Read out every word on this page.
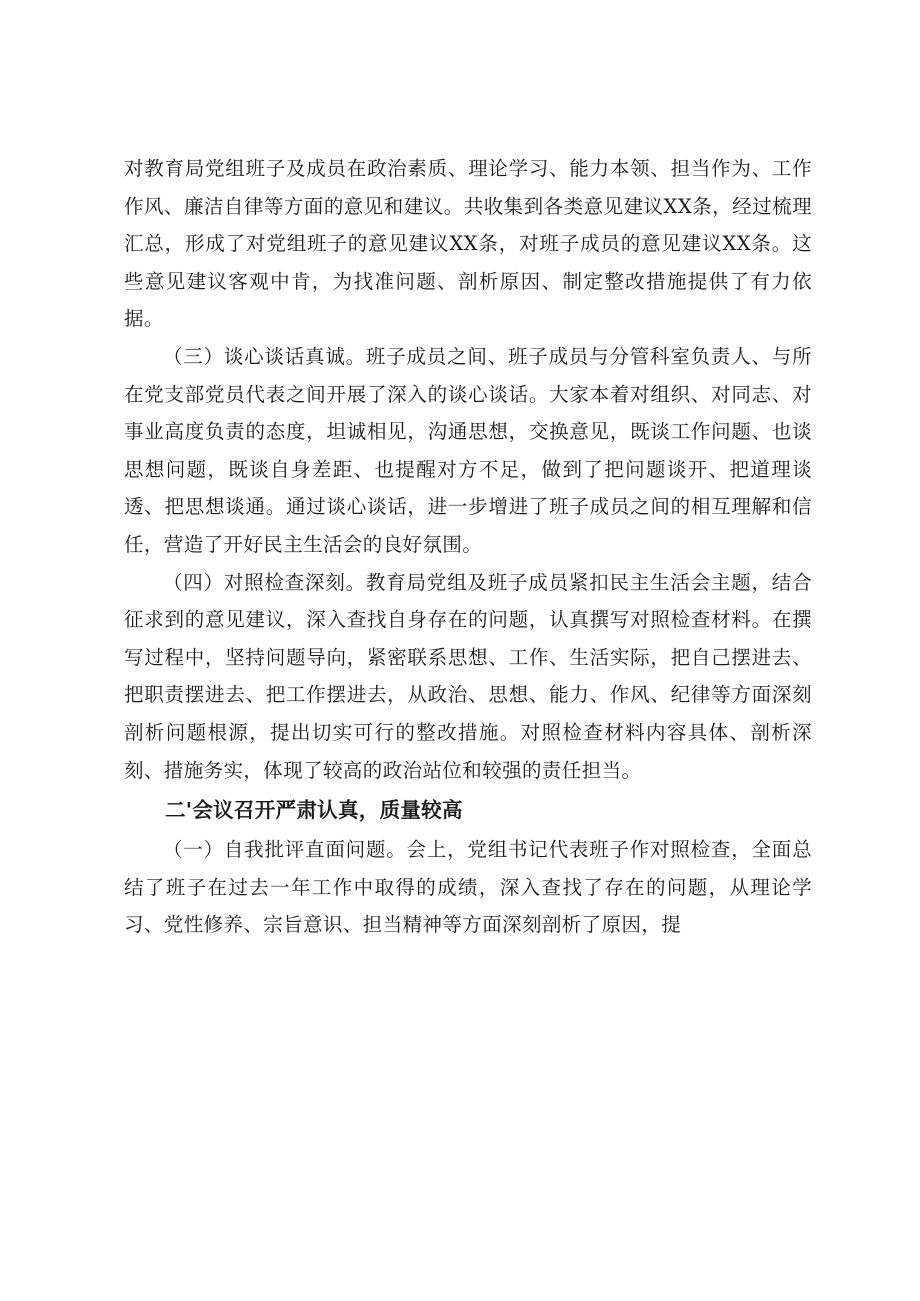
对教育局党组班子及成员在政治素质、理论学习、能力本领、担当作为、工作作风、廉洁自律等方面的意见和建议。共收集到各类意见建议XX条，经过梳理汇总，形成了对党组班子的意见建议XX条，对班子成员的意见建议XX条。这些意见建议客观中肯，为找准问题、剖析原因、制定整改措施提供了有力依据。

（三）谈心谈话真诚。班子成员之间、班子成员与分管科室负责人、与所在党支部党员代表之间开展了深入的谈心谈话。大家本着对组织、对同志、对事业高度负责的态度，坦诚相见，沟通思想，交换意见，既谈工作问题、也谈思想问题，既谈自身差距、也提醒对方不足，做到了把问题谈开、把道理谈透、把思想谈通。通过谈心谈话，进一步增进了班子成员之间的相互理解和信任，营造了开好民主生活会的良好氛围。

（四）对照检查深刻。教育局党组及班子成员紧扣民主生活会主题，结合征求到的意见建议，深入查找自身存在的问题，认真撰写对照检查材料。在撰写过程中，坚持问题导向，紧密联系思想、工作、生活实际，把自己摆进去、把职责摆进去、把工作摆进去，从政治、思想、能力、作风、纪律等方面深刻剖析问题根源，提出切实可行的整改措施。对照检查材料内容具体、剖析深刻、措施务实，体现了较高的政治站位和较强的责任担当。

二'会议召开严肃认真，质量较高

（一）自我批评直面问题。会上，党组书记代表班子作对照检查，全面总结了班子在过去一年工作中取得的成绩，深入查找了存在的问题，从理论学习、党性修养、宗旨意识、担当精神等方面深刻剖析了原因，提
